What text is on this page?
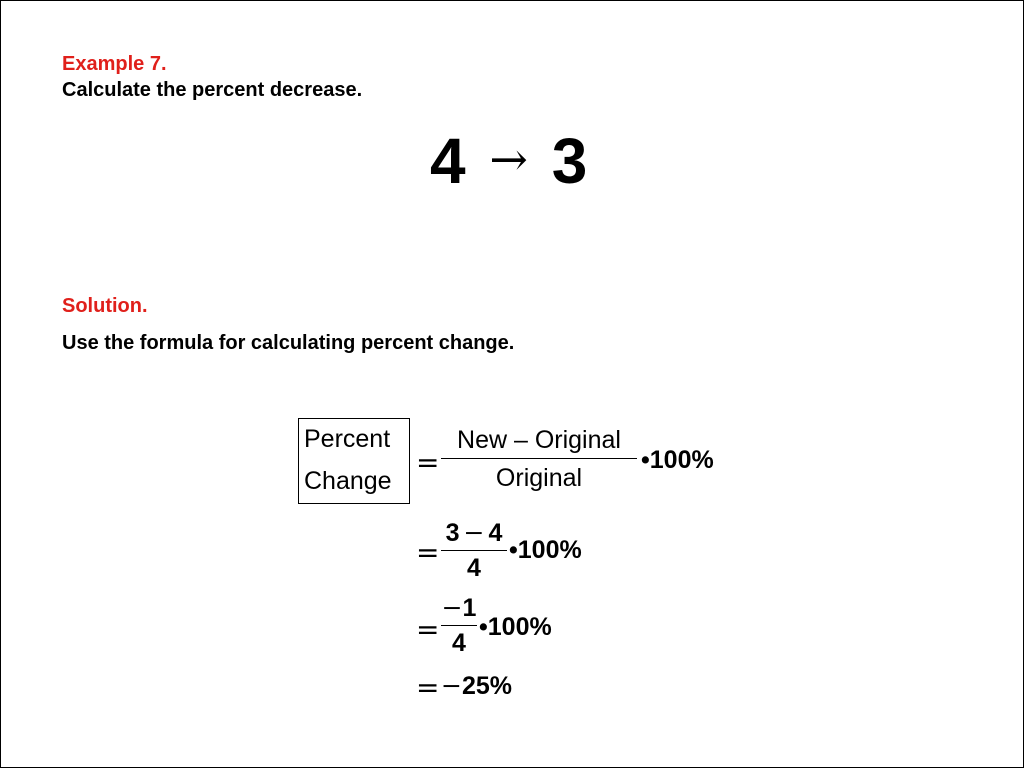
Example 7.
Calculate the percent decrease.
4 → 3
Solution.
Use the formula for calculating percent change.
Percent
Change
=
New – Original
Original
•100%
=
3 − 4
4
•100%
=
−1
4
•100%
= −25%
